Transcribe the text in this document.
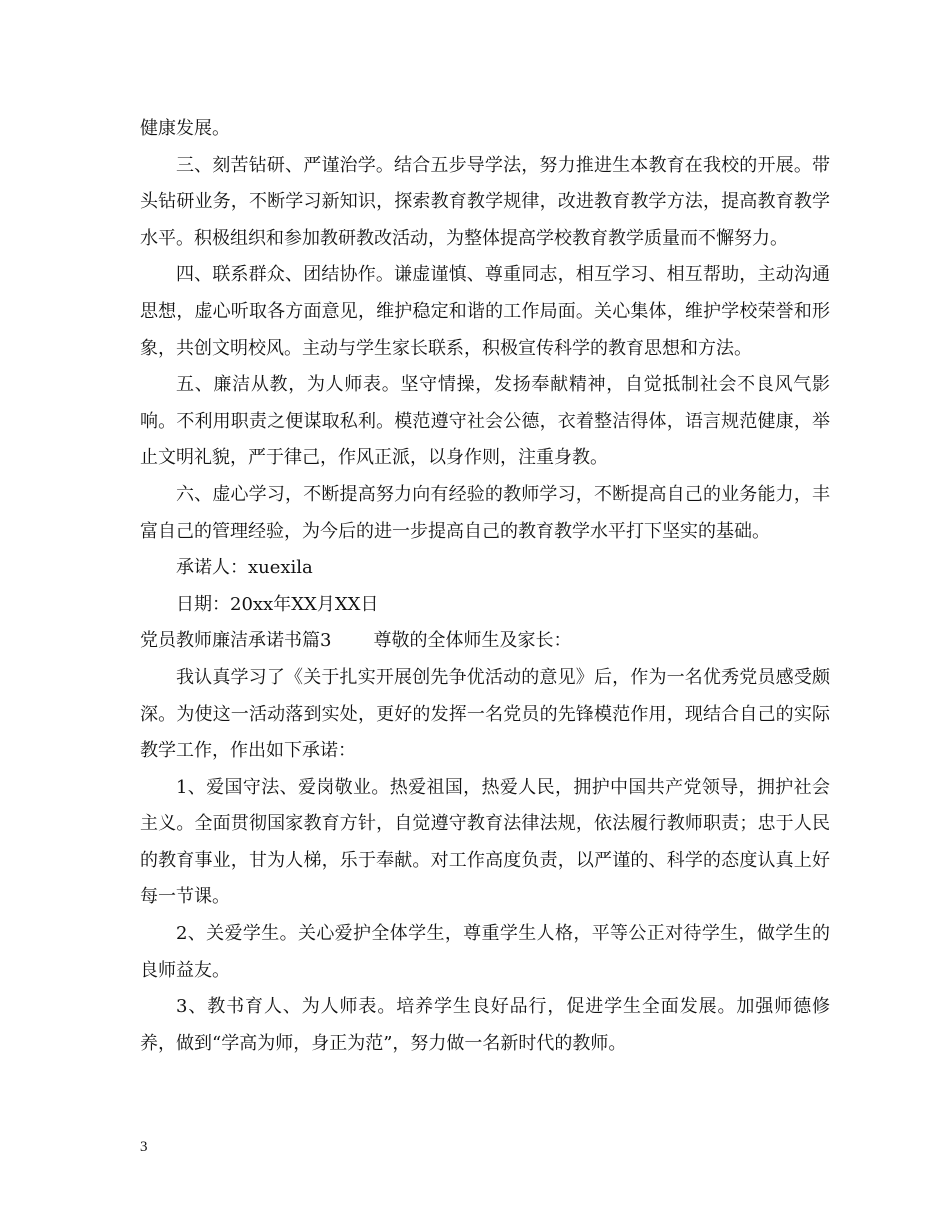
健康发展。

三、刻苦钻研、严谨治学。结合五步导学法，努力推进生本教育在我校的开展。带头钻研业务，不断学习新知识，探索教育教学规律，改进教育教学方法，提高教育教学水平。积极组织和参加教研教改活动，为整体提高学校教育教学质量而不懈努力。

四、联系群众、团结协作。谦虚谨慎、尊重同志，相互学习、相互帮助，主动沟通思想，虚心听取各方面意见，维护稳定和谐的工作局面。关心集体，维护学校荣誉和形象，共创文明校风。主动与学生家长联系，积极宣传科学的教育思想和方法。

五、廉洁从教，为人师表。坚守情操，发扬奉献精神，自觉抵制社会不良风气影响。不利用职责之便谋取私利。模范遵守社会公德，衣着整洁得体，语言规范健康，举止文明礼貌，严于律己，作风正派，以身作则，注重身教。

六、虚心学习，不断提高努力向有经验的教师学习，不断提高自己的业务能力，丰富自己的管理经验，为今后的进一步提高自己的教育教学水平打下坚实的基础。

承诺人：xuexila

日期：20xx年XX月XX日

党员教师廉洁承诺书篇3 尊敬的全体师生及家长：

我认真学习了《关于扎实开展创先争优活动的意见》后，作为一名优秀党员感受颇深。为使这一活动落到实处，更好的发挥一名党员的先锋模范作用，现结合自己的实际教学工作，作出如下承诺：

1、爱国守法、爱岗敬业。热爱祖国，热爱人民，拥护中国共产党领导，拥护社会主义。全面贯彻国家教育方针，自觉遵守教育法律法规，依法履行教师职责；忠于人民的教育事业，甘为人梯，乐于奉献。对工作高度负责，以严谨的、科学的态度认真上好每一节课。

2、关爱学生。关心爱护全体学生，尊重学生人格，平等公正对待学生，做学生的良师益友。

3、教书育人、为人师表。培养学生良好品行，促进学生全面发展。加强师德修养，做到“学高为师，身正为范”，努力做一名新时代的教师。

3
